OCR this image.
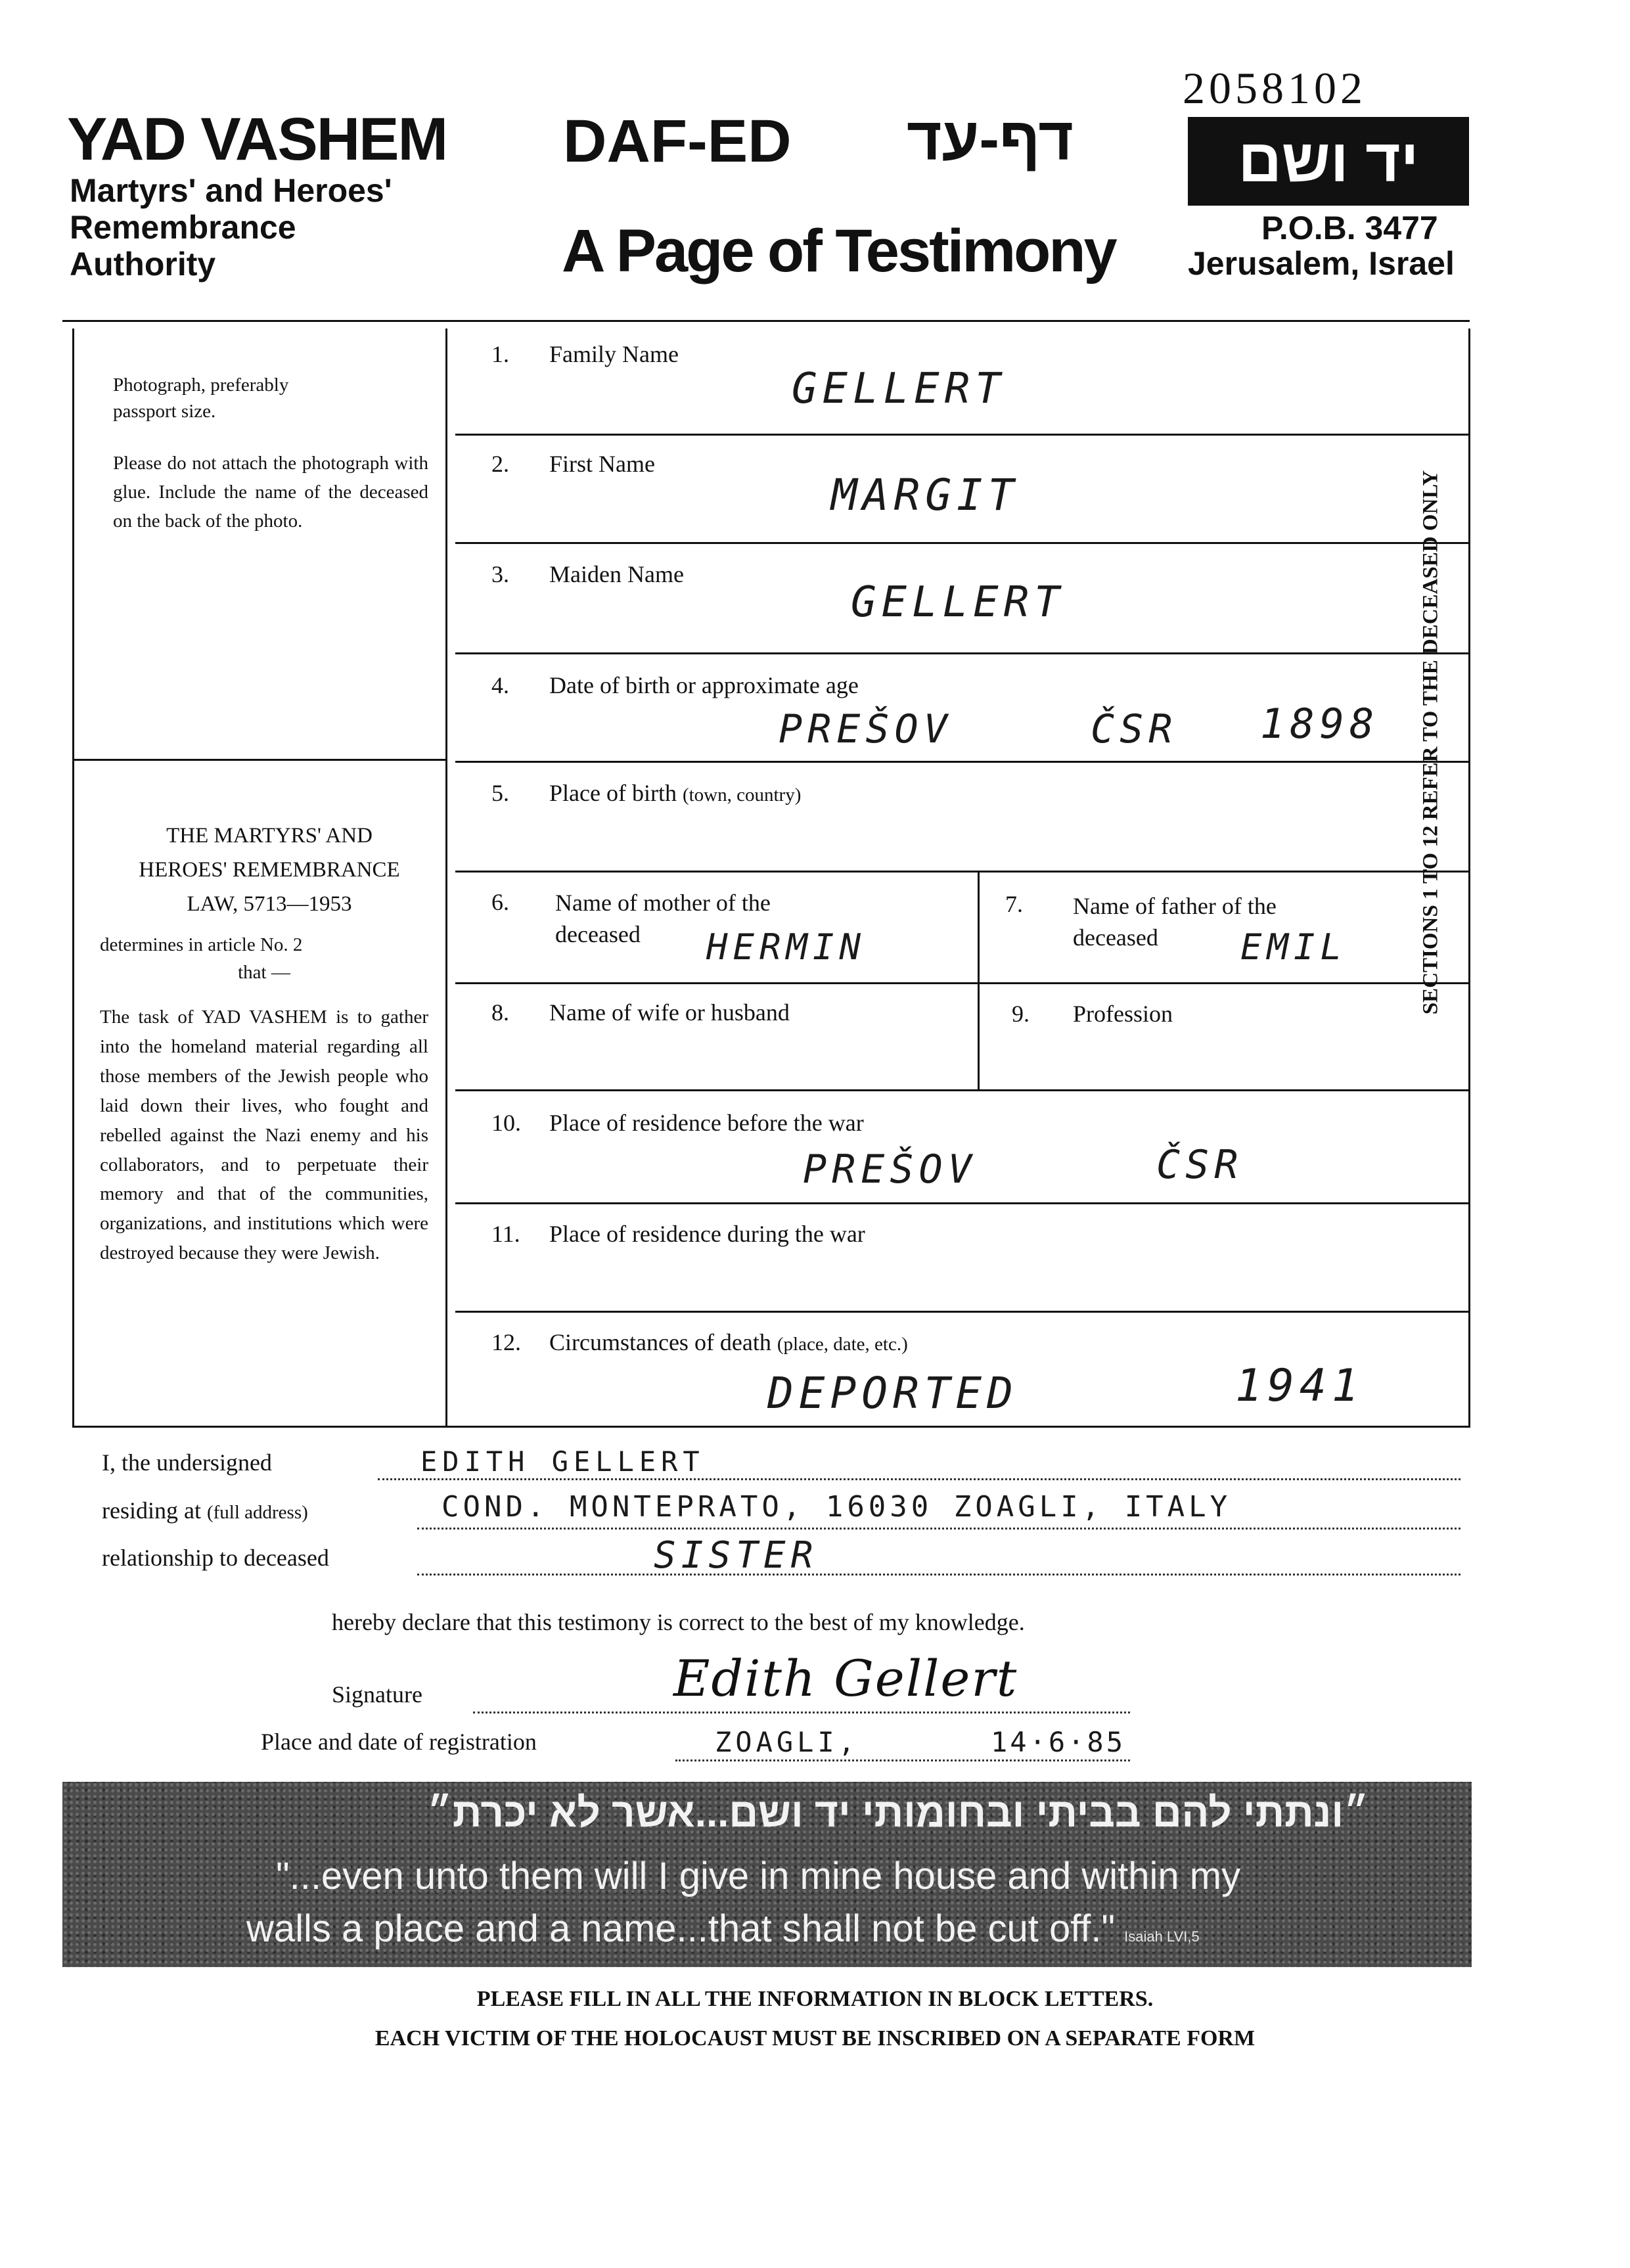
2058102
YAD VASHEM
Martyrs' and Heroes'
Remembrance
Authority
DAF-ED דף-עד
A Page of Testimony
יד ושם
P.O.B. 3477
Jerusalem, Israel
Photograph, preferably
passport size.
Please do not attach the photograph with glue. Include the name of the deceased on the back of the photo.
THE MARTYRS' AND
HEROES' REMEMBRANCE
LAW, 5713—1953
determines in article No. 2
that —
The task of YAD VASHEM is to gather into the homeland material regarding all those members of the Jewish people who laid down their lives, who fought and rebelled against the Nazi enemy and his collaborators, and to perpetuate their memory and that of the communities, organizations, and institutions which were destroyed because they were Jewish.
1. Family Name
GELLERT
2. First Name
MARGIT
3. Maiden Name
GELLERT
4. Date of birth or approximate age
PREŠOV	ČSR 1898
5. Place of birth (town, country)
6. Name of mother of the
deceased	HERMIN
7. Name of father of the
deceased	EMIL
8. Name of wife or husband	9. Profession
10. Place of residence before the war
PREŠOV	ČSR
11. Place of residence during the war
12. Circumstances of death (place, date, etc.)
DEPORTED	1941
SECTIONS 1 TO 12 REFER TO THE DECEASED ONLY
I, the undersigned	EDITH GELLERT
residing at (full address)	COND. MONTEPRATO, 16030 ZOAGLI, ITALY
relationship to deceased	SISTER
hereby declare that this testimony is correct to the best of my knowledge.
Signature	Edith Gellert
Place and date of registration	ZOAGLI,	14·6·85
״ונתתי להם בביתי ובחומותי יד ושם...אשר לא יכרת״
"...even unto them will I give in mine house and within my
walls a place and a name...that shall not be cut off." Isaiah LVI,5
PLEASE FILL IN ALL THE INFORMATION IN BLOCK LETTERS.
EACH VICTIM OF THE HOLOCAUST MUST BE INSCRIBED ON A SEPARATE FORM
